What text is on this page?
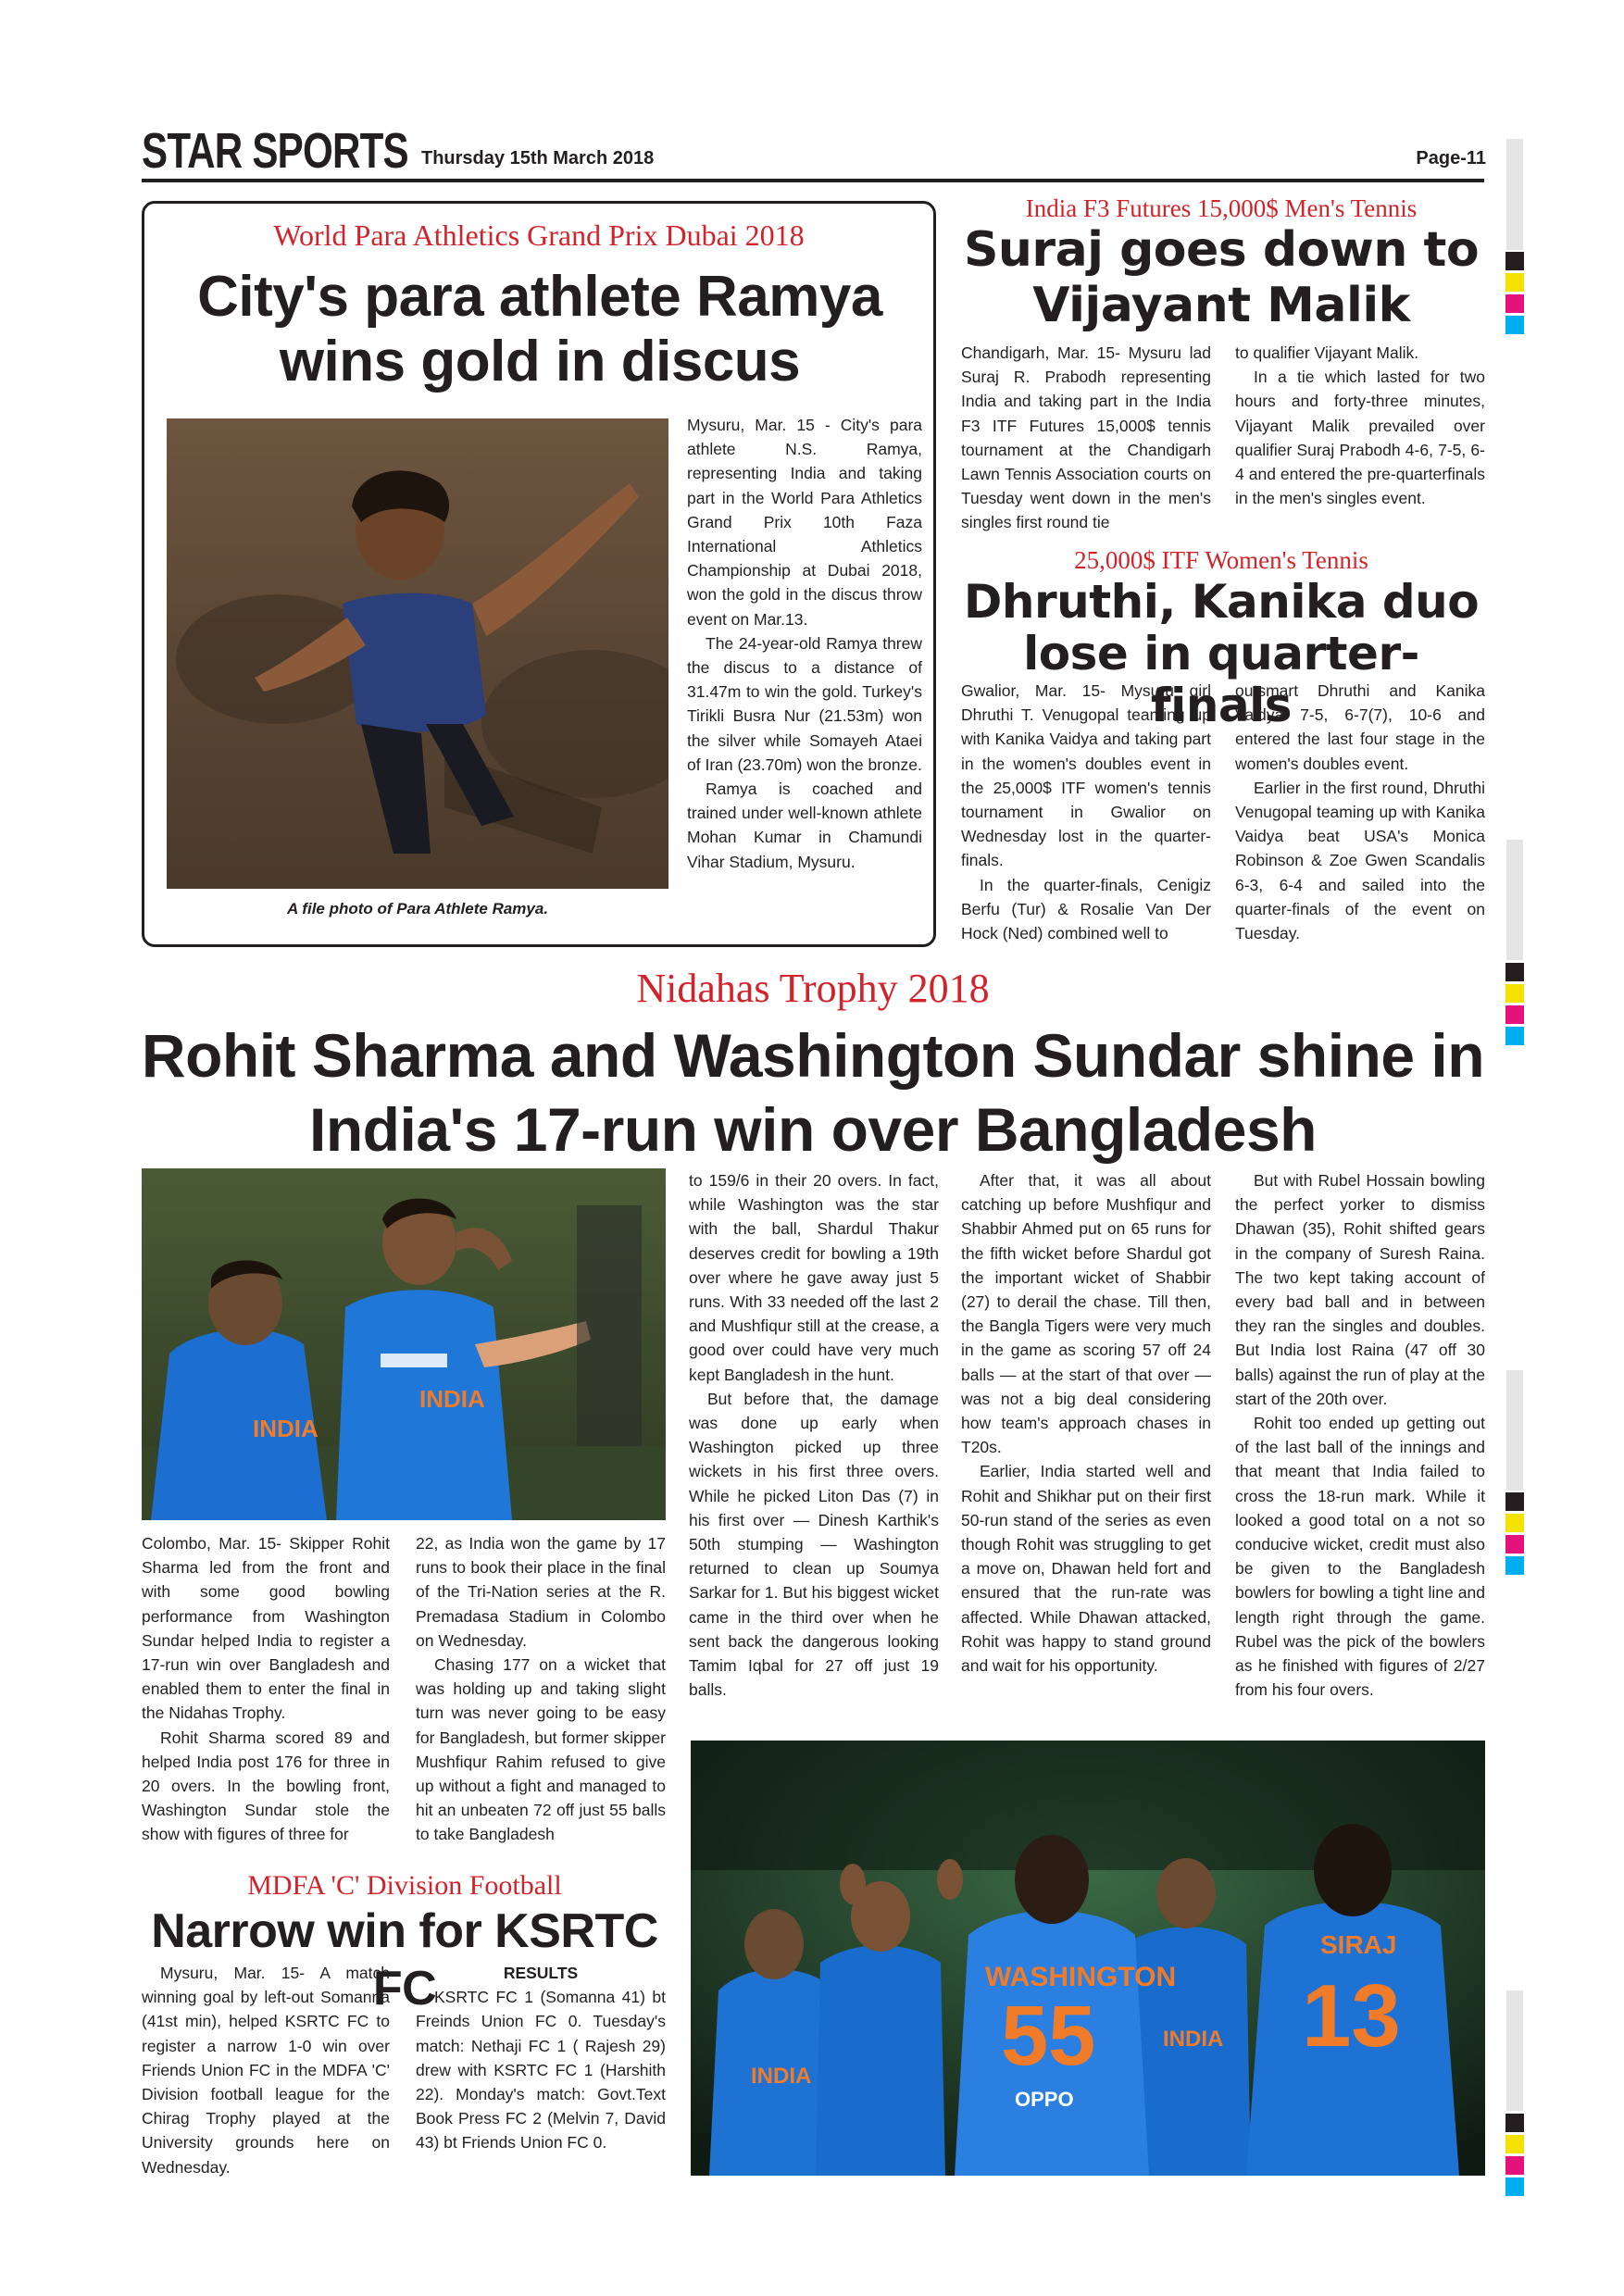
STAR SPORTS Thursday 15th March 2018	Page-11
World Para Athletics Grand Prix Dubai 2018
City's para athlete Ramya wins gold in discus
A file photo of Para Athlete Ramya.

Mysuru, Mar. 15 - City's para athlete N.S. Ramya, representing India and taking part in the World Para Athletics Grand Prix 10th Faza International Athletics Championship at Dubai 2018, won the gold in the discus throw event on Mar.13.

The 24-year-old Ramya threw the discus to a distance of 31.47m to win the gold. Turkey's Tirikli Busra Nur (21.53m) won the silver while Somayeh Ataei of Iran (23.70m) won the bronze.

Ramya is coached and trained under well-known athlete Mohan Kumar in Chamundi Vihar Stadium, Mysuru.

India F3 Futures 15,000$ Men's Tennis
Suraj goes down to Vijayant Malik

Chandigarh, Mar. 15- Mysuru lad Suraj R. Prabodh representing India and taking part in the India F3 ITF Futures 15,000$ tennis tournament at the Chandigarh Lawn Tennis Association courts on Tuesday went down in the men's singles first round tie

to qualifier Vijayant Malik.

In a tie which lasted for two hours and forty-three minutes, Vijayant Malik prevailed over qualifier Suraj Prabodh 4-6, 7-5, 6-4 and entered the pre-quarterfinals in the men's singles event.

25,000$ ITF Women's Tennis
Dhruthi, Kanika duo lose in quarter-finals

Gwalior, Mar. 15- Mysuru girl Dhruthi T. Venugopal teaming up with Kanika Vaidya and taking part in the women's doubles event in the 25,000$ ITF women's tennis tournament in Gwalior on Wednesday lost in the quarter-finals.

In the quarter-finals, Cenigiz Berfu (Tur) & Rosalie Van Der Hock (Ned) combined well to

outsmart Dhruthi and Kanika Vaidya 7-5, 6-7(7), 10-6 and entered the last four stage in the women's doubles event.

Earlier in the first round, Dhruthi Venugopal teaming up with Kanika Vaidya beat USA's Monica Robinson & Zoe Gwen Scandalis 6-3, 6-4 and sailed into the quarter-finals of the event on Tuesday.

Nidahas Trophy 2018
Rohit Sharma and Washington Sundar shine in India's 17-run win over Bangladesh
INDIA
INDIA

Colombo, Mar. 15- Skipper Rohit Sharma led from the front and with some good bowling performance from Washington Sundar helped India to register a 17-run win over Bangladesh and enabled them to enter the final in the Nidahas Trophy.

Rohit Sharma scored 89 and helped India post 176 for three in 20 overs. In the bowling front, Washington Sundar stole the show with figures of three for

22, as India won the game by 17 runs to book their place in the final of the Tri-Nation series at the R. Premadasa Stadium in Colombo on Wednesday.

Chasing 177 on a wicket that was holding up and taking slight turn was never going to be easy for Bangladesh, but former skipper Mushfiqur Rahim refused to give up without a fight and managed to hit an unbeaten 72 off just 55 balls to take Bangladesh

to 159/6 in their 20 overs. In fact, while Washington was the star with the ball, Shardul Thakur deserves credit for bowling a 19th over where he gave away just 5 runs. With 33 needed off the last 2 and Mushfiqur still at the crease, a good over could have very much kept Bangladesh in the hunt.

But before that, the damage was done up early when Washington picked up three wickets in his first three overs. While he picked Liton Das (7) in his first over — Dinesh Karthik's 50th stumping — Washington returned to clean up Soumya Sarkar for 1. But his biggest wicket came in the third over when he sent back the dangerous looking Tamim Iqbal for 27 off just 19 balls.

After that, it was all about catching up before Mushfiqur and Shabbir Ahmed put on 65 runs for the fifth wicket before Shardul got the important wicket of Shabbir (27) to derail the chase. Till then, the Bangla Tigers were very much in the game as scoring 57 off 24 balls — at the start of that over — was not a big deal considering how team's approach chases in T20s.

Earlier, India started well and Rohit and Shikhar put on their first 50-run stand of the series as even though Rohit was struggling to get a move on, Dhawan held fort and ensured that the run-rate was affected. While Dhawan attacked, Rohit was happy to stand ground and wait for his opportunity.

But with Rubel Hossain bowling the perfect yorker to dismiss Dhawan (35), Rohit shifted gears in the company of Suresh Raina. The two kept taking account of every bad ball and in between they ran the singles and doubles. But India lost Raina (47 off 30 balls) against the run of play at the start of the 20th over.

Rohit too ended up getting out of the last ball of the innings and that meant that India failed to cross the 18-run mark. While it looked a good total on a not so conducive wicket, credit must also be given to the Bangladesh bowlers for bowling a tight line and length right through the game. Rubel was the pick of the bowlers as he finished with figures of 2/27 from his four overs.

WASHINGTON
55
OPPO
SIRAJ
13
INDIA
INDIA
MDFA 'C' Division Football
Narrow win for KSRTC FC

Mysuru, Mar. 15- A match winning goal by left-out Somanna (41st min), helped KSRTC FC to register a narrow 1-0 win over Friends Union FC in the MDFA 'C' Division football league for the Chirag Trophy played at the University grounds here on Wednesday.

RESULTS

KSRTC FC 1 (Somanna 41) bt Freinds Union FC 0. Tuesday's match: Nethaji FC 1 ( Rajesh 29) drew with KSRTC FC 1 (Harshith 22). Monday's match: Govt.Text Book Press FC 2 (Melvin 7, David 43) bt Friends Union FC 0.
